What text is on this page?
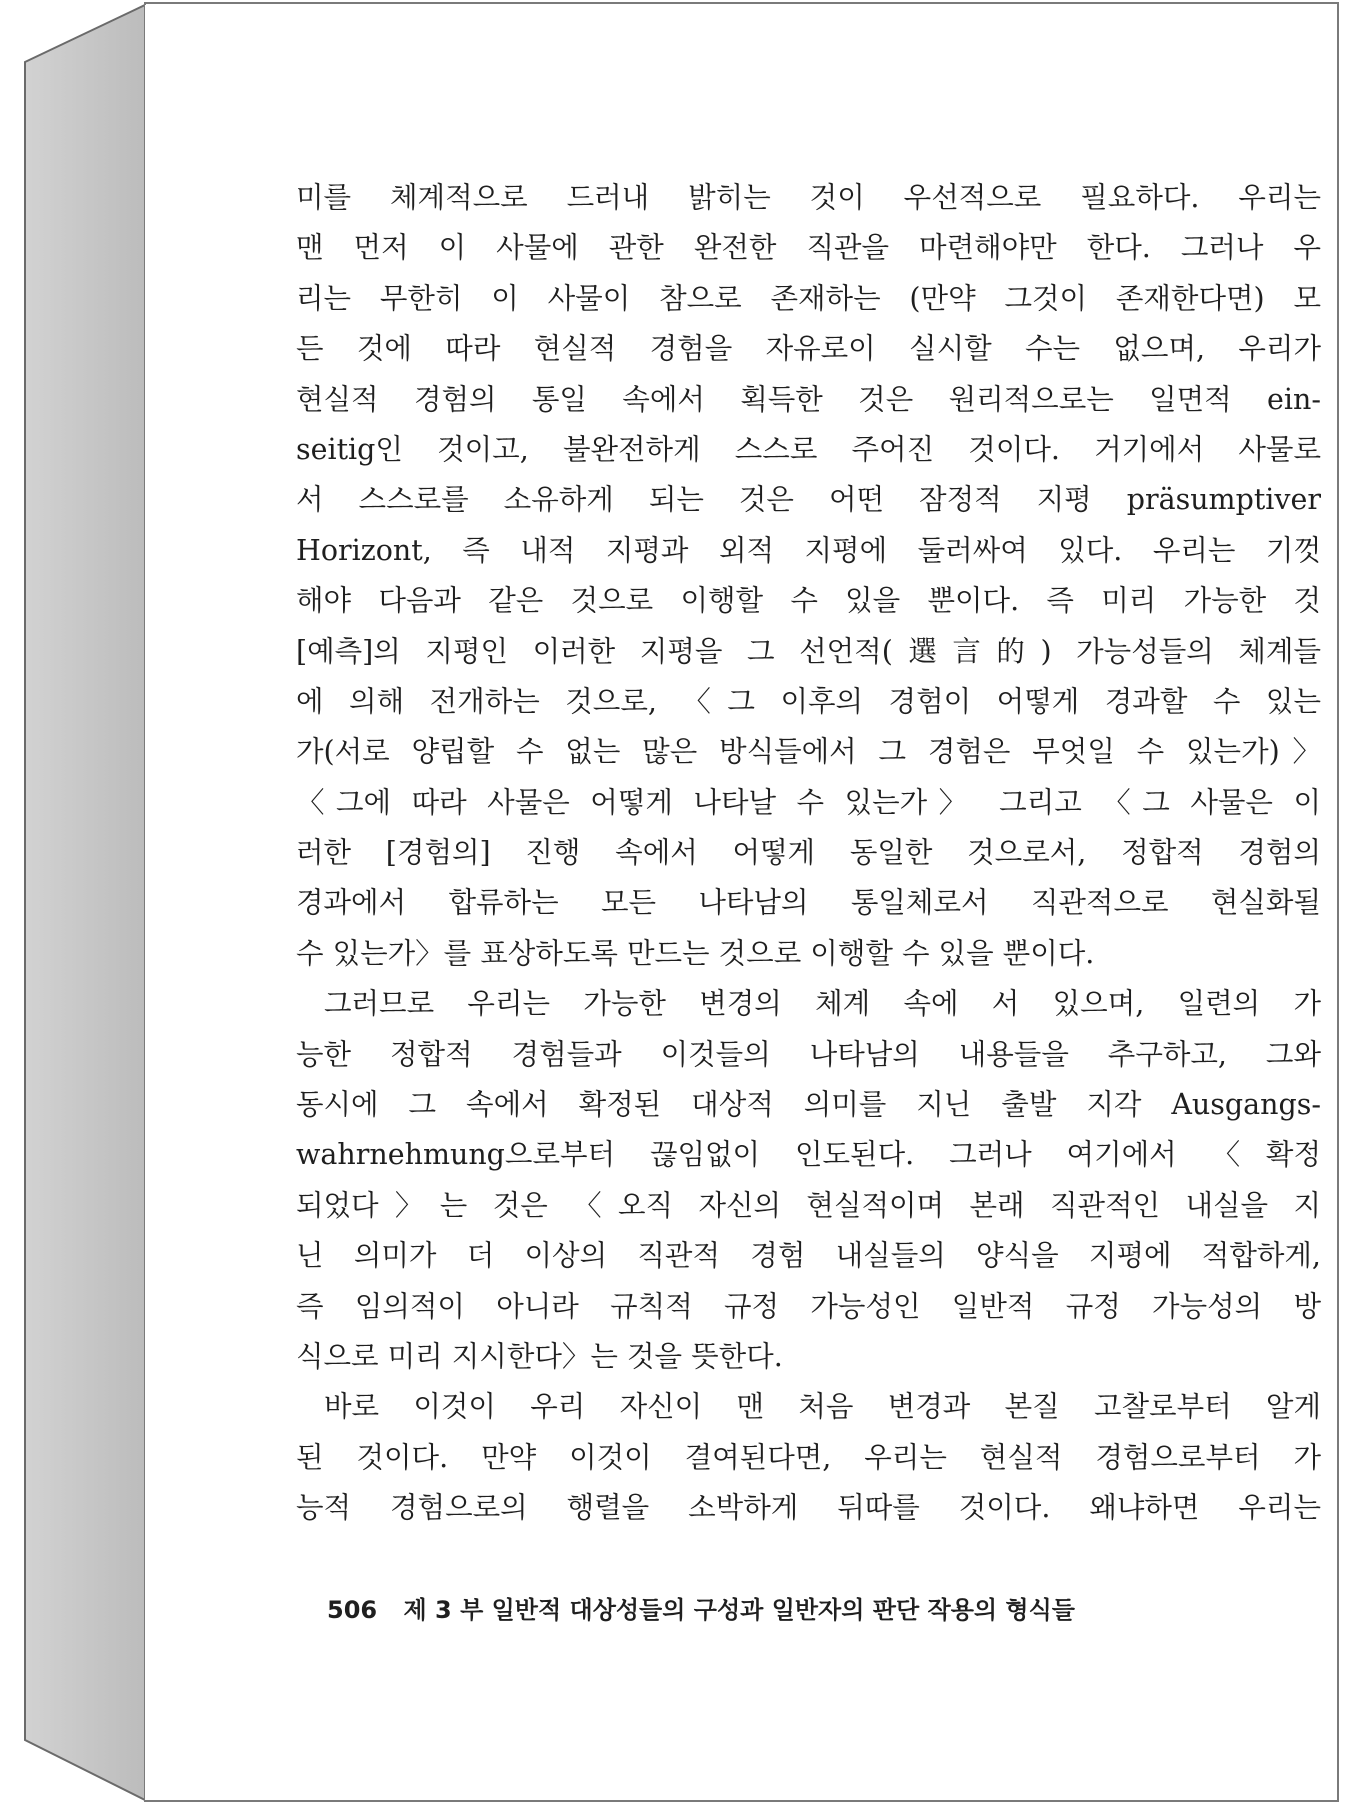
미를 체계적으로 드러내 밝히는 것이 우선적으로 필요하다. 우리는
맨 먼저 이 사물에 관한 완전한 직관을 마련해야만 한다. 그러나 우
리는 무한히 이 사물이 참으로 존재하는 (만약 그것이 존재한다면) 모
든 것에 따라 현실적 경험을 자유로이 실시할 수는 없으며, 우리가
현실적 경험의 통일 속에서 획득한 것은 원리적으로는 일면적 ein-
seitig인 것이고, 불완전하게 스스로 주어진 것이다. 거기에서 사물로
서 스스로를 소유하게 되는 것은 어떤 잠정적 지평 präsumptiver
Horizont, 즉 내적 지평과 외적 지평에 둘러싸여 있다. 우리는 기껏
해야 다음과 같은 것으로 이행할 수 있을 뿐이다. 즉 미리 가능한 것
[예측]의 지평인 이러한 지평을 그 선언적(選言的) 가능성들의 체계들
에 의해 전개하는 것으로, 〈그 이후의 경험이 어떻게 경과할 수 있는
가(서로 양립할 수 없는 많은 방식들에서 그 경험은 무엇일 수 있는가)〉
〈그에 따라 사물은 어떻게 나타날 수 있는가〉 그리고 〈그 사물은 이
러한 [경험의] 진행 속에서 어떻게 동일한 것으로서, 정합적 경험의
경과에서 합류하는 모든 나타남의 통일체로서 직관적으로 현실화될
수 있는가〉를 표상하도록 만드는 것으로 이행할 수 있을 뿐이다.
그러므로 우리는 가능한 변경의 체계 속에 서 있으며, 일련의 가
능한 정합적 경험들과 이것들의 나타남의 내용들을 추구하고, 그와
동시에 그 속에서 확정된 대상적 의미를 지닌 출발 지각 Ausgangs-
wahrnehmung으로부터 끊임없이 인도된다. 그러나 여기에서 〈확정
되었다〉는 것은 〈오직 자신의 현실적이며 본래 직관적인 내실을 지
닌 의미가 더 이상의 직관적 경험 내실들의 양식을 지평에 적합하게,
즉 임의적이 아니라 규칙적 규정 가능성인 일반적 규정 가능성의 방
식으로 미리 지시한다〉는 것을 뜻한다.
바로 이것이 우리 자신이 맨 처음 변경과 본질 고찰로부터 알게
된 것이다. 만약 이것이 결여된다면, 우리는 현실적 경험으로부터 가
능적 경험으로의 행렬을 소박하게 뒤따를 것이다. 왜냐하면 우리는
506 제 3 부 일반적 대상성들의 구성과 일반자의 판단 작용의 형식들
